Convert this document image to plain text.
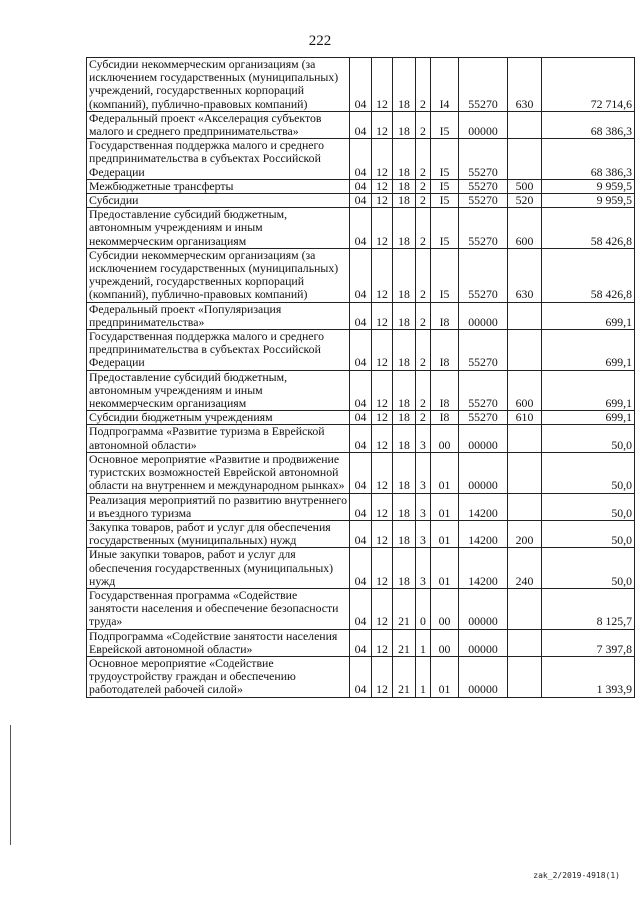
222
Субсидии некоммерческим организациям (за исключением государственных (муниципальных) учреждений, государственных корпораций (компаний), публично-правовых компаний)	04	12	18	2	I4	55270	630	72 714,6
Федеральный проект «Акселерация субъектов малого и среднего предпринимательства»	04	12	18	2	I5	00000		68 386,3
Государственная поддержка малого и среднего предпринимательства в субъектах Российской Федерации	04	12	18	2	I5	55270		68 386,3
Межбюджетные трансферты	04	12	18	2	I5	55270	500	9 959,5
Субсидии	04	12	18	2	I5	55270	520	9 959,5
Предоставление субсидий бюджетным, автономным учреждениям и иным некоммерческим организациям	04	12	18	2	I5	55270	600	58 426,8
Субсидии некоммерческим организациям (за исключением государственных (муниципальных) учреждений, государственных корпораций (компаний), публично-правовых компаний)	04	12	18	2	I5	55270	630	58 426,8
Федеральный проект «Популяризация предпринимательства»	04	12	18	2	I8	00000		699,1
Государственная поддержка малого и среднего предпринимательства в субъектах Российской Федерации	04	12	18	2	I8	55270		699,1
Предоставление субсидий бюджетным, автономным учреждениям и иным некоммерческим организациям	04	12	18	2	I8	55270	600	699,1
Субсидии бюджетным учреждениям	04	12	18	2	I8	55270	610	699,1
Подпрограмма «Развитие туризма в Еврейской автономной области»	04	12	18	3	00	00000		50,0
Основное мероприятие «Развитие и продвижение туристских возможностей Еврейской автономной области на внутреннем и международном рынках»	04	12	18	3	01	00000		50,0
Реализация мероприятий по развитию внутреннего и въездного туризма	04	12	18	3	01	14200		50,0
Закупка товаров, работ и услуг для обеспечения государственных (муниципальных) нужд	04	12	18	3	01	14200	200	50,0
Иные закупки товаров, работ и услуг для обеспечения государственных (муниципальных) нужд	04	12	18	3	01	14200	240	50,0
Государственная программа «Содействие занятости населения и обеспечение безопасности труда»	04	12	21	0	00	00000		8 125,7
Подпрограмма «Содействие занятости населения Еврейской автономной области»	04	12	21	1	00	00000		7 397,8
Основное мероприятие «Содействие трудоустройству граждан и обеспечению работодателей рабочей силой»	04	12	21	1	01	00000		1 393,9
zak_2/2019-4918(1)
